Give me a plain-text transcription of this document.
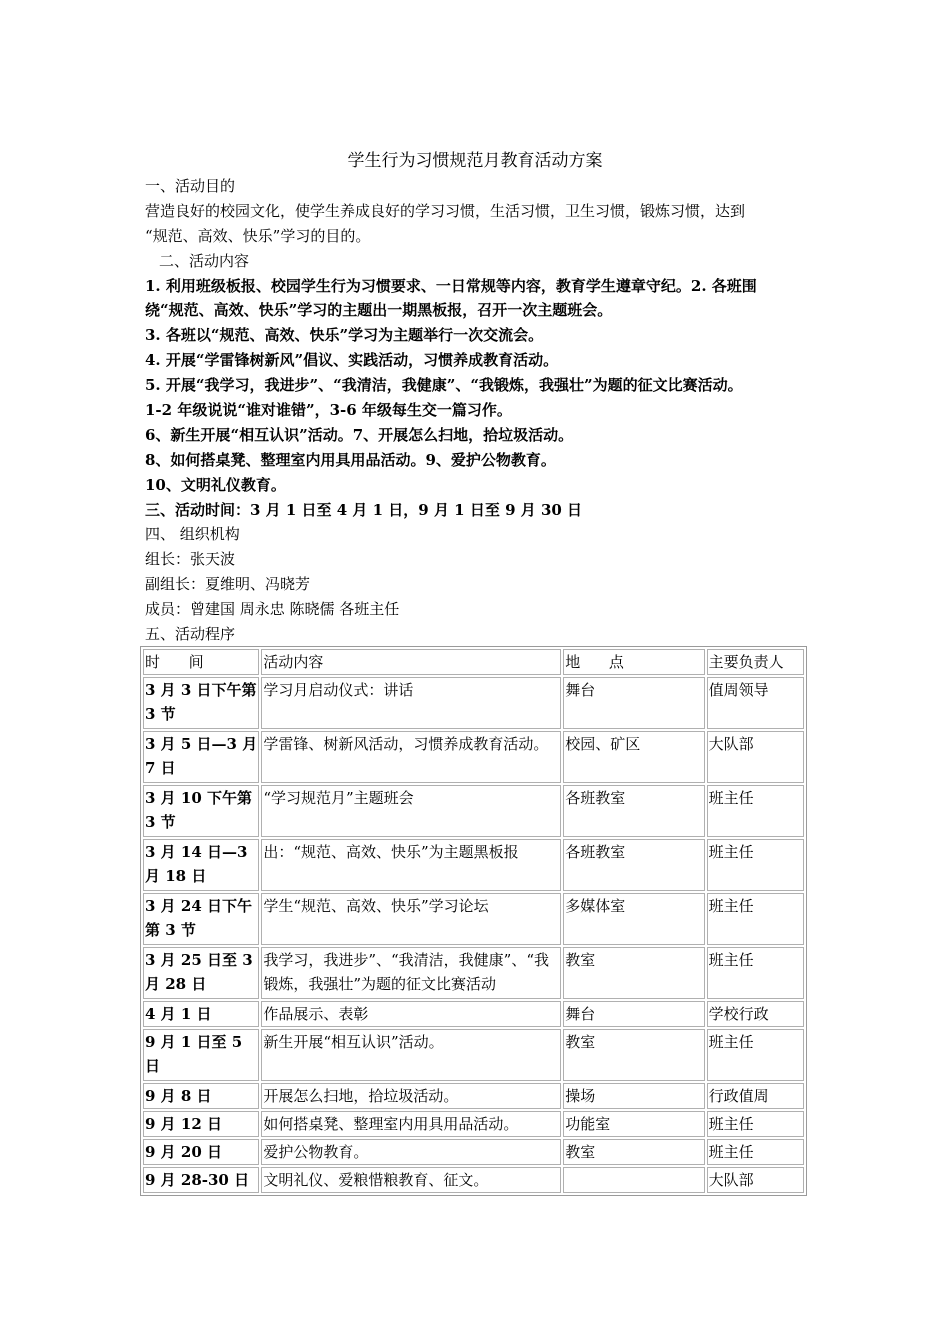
学生行为习惯规范月教育活动方案
一、活动目的
营造良好的校园文化，使学生养成良好的学习习惯，生活习惯，卫生习惯，锻炼习惯，达到
“规范、高效、快乐”学习的目的。
二、活动内容
1. 利用班级板报、校园学生行为习惯要求、一日常规等内容，教育学生遵章守纪。2. 各班围
绕“规范、高效、快乐”学习的主题出一期黑板报，召开一次主题班会。
3. 各班以“规范、高效、快乐”学习为主题举行一次交流会。
4. 开展“学雷锋树新风”倡议、实践活动，习惯养成教育活动。
5. 开展“我学习，我进步”、“我清洁，我健康”、“我锻炼，我强壮”为题的征文比赛活动。
1-2 年级说说“谁对谁错”，3-6 年级每生交一篇习作。
6、新生开展“相互认识”活动。7、开展怎么扫地，拾垃圾活动。
8、如何搭桌凳、整理室内用具用品活动。9、爱护公物教育。
10、文明礼仪教育。
三、活动时间：3 月 1 日至 4 月 1 日，9 月 1 日至 9 月 30 日
四、 组织机构
组长：张天波
副组长：夏维明、冯晓芳
成员：曾建国 周永忠 陈晓儒 各班主任
五、活动程序
时      间	活动内容	地      点	主要负责人
3 月 3 日下午第 3 节	学习月启动仪式：讲话	舞台	值周领导
3 月 5 日—3 月 7 日	学雷锋、树新风活动，习惯养成教育活动。	校园、矿区	大队部
3 月 10 下午第 3 节	“学习规范月”主题班会	各班教室	班主任
3 月 14 日—3 月 18 日	出：“规范、高效、快乐”为主题黑板报	各班教室	班主任
3 月 24 日下午第 3 节	学生“规范、高效、快乐”学习论坛	多媒体室	班主任
3 月 25 日至 3 月 28 日	我学习，我进步”、“我清洁，我健康”、“我锻炼，我强壮”为题的征文比赛活动	教室	班主任
4 月 1 日	作品展示、表彰	舞台	学校行政
9 月 1 日至 5 日	新生开展“相互认识”活动。	教室	班主任
9 月 8 日	开展怎么扫地，拾垃圾活动。	操场	行政值周
9 月 12 日	如何搭桌凳、整理室内用具用品活动。	功能室	班主任
9 月 20 日	爱护公物教育。	教室	班主任
9 月 28-30 日	文明礼仪、爱粮惜粮教育、征文。		大队部
